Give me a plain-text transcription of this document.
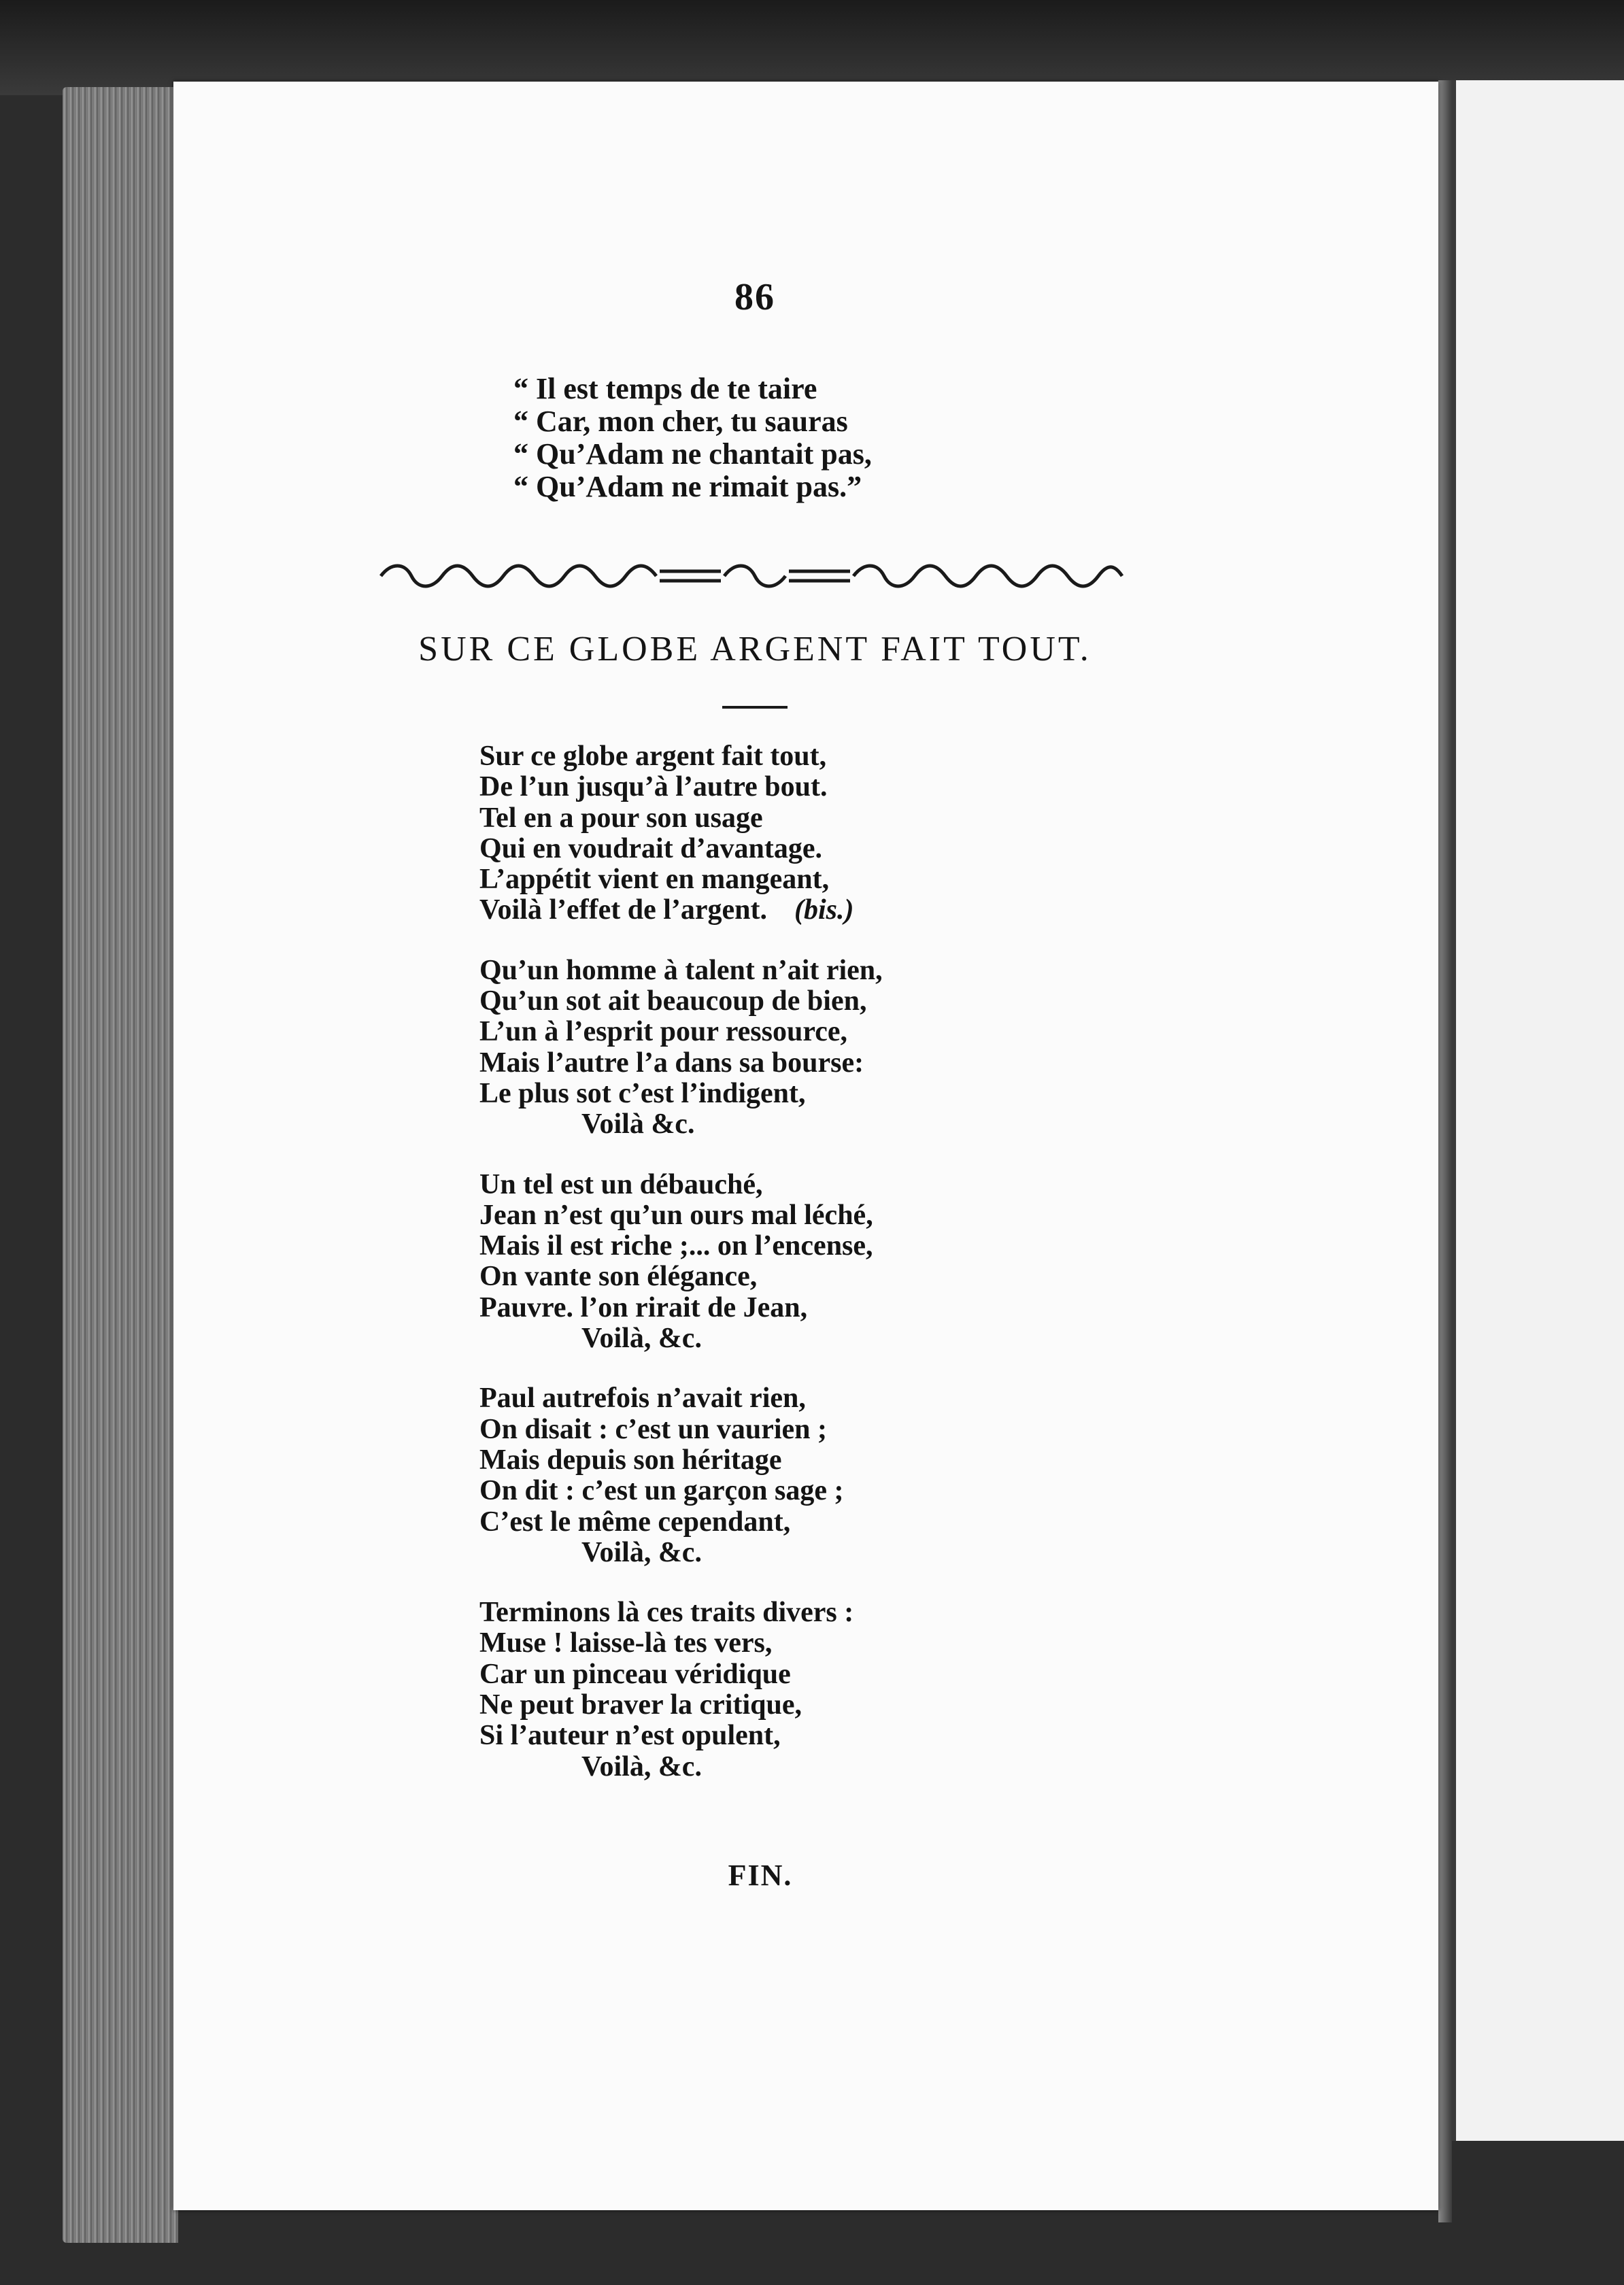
86
“ Il est temps de te taire
“ Car, mon cher, tu sauras
“ Qu’Adam ne chantait pas,
“ Qu’Adam ne rimait pas.”
SUR CE GLOBE ARGENT FAIT TOUT.
Sur ce globe argent fait tout,
De l’un jusqu’à l’autre bout.
Tel en a pour son usage
Qui en voudrait d’avantage.
L’appétit vient en mangeant,
Voilà l’effet de l’argent. (bis.)
Qu’un homme à talent n’ait rien,
Qu’un sot ait beaucoup de bien,
L’un à l’esprit pour ressource,
Mais l’autre l’a dans sa bourse:
Le plus sot c’est l’indigent,
Voilà &c.
Un tel est un débauché,
Jean n’est qu’un ours mal léché,
Mais il est riche ;... on l’encense,
On vante son élégance,
Pauvre. l’on rirait de Jean,
Voilà, &c.
Paul autrefois n’avait rien,
On disait : c’est un vaurien ;
Mais depuis son héritage
On dit : c’est un garçon sage ;
C’est le même cependant,
Voilà, &c.
Terminons là ces traits divers :
Muse ! laisse-là tes vers,
Car un pinceau véridique
Ne peut braver la critique,
Si l’auteur n’est opulent,
Voilà, &c.
FIN.
